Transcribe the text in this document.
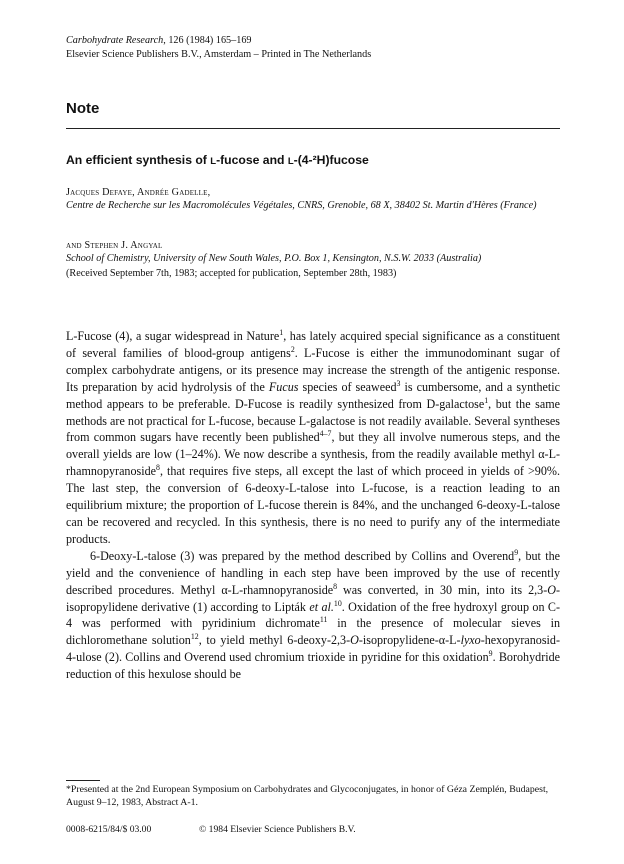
Carbohydrate Research, 126 (1984) 165–169
Elsevier Science Publishers B.V., Amsterdam – Printed in The Netherlands
Note
An efficient synthesis of L-fucose and L-(4-²H)fucose
Jacques Defaye, Andrée Gadelle,
Centre de Recherche sur les Macromolécules Végétales, CNRS, Grenoble, 68 X, 38402 St. Martin d'Hères (France)
and Stephen J. Angyal
School of Chemistry, University of New South Wales, P.O. Box 1, Kensington, N.S.W. 2033 (Australia)
(Received September 7th, 1983; accepted for publication, September 28th, 1983)

L-Fucose (4), a sugar widespread in Nature$^1$, has lately acquired special significance as a constituent of several families of blood-group antigens$^2$. L-Fucose is either the immunodominant sugar of complex carbohydrate antigens, or its presence may increase the strength of the antigenic response. Its preparation by acid hydrolysis of the Fucus species of seaweed$^3$ is cumbersome, and a synthetic method appears to be preferable. D-Fucose is readily synthesized from D-galactose$^1$, but the same methods are not practical for L-fucose, because L-galactose is not readily available. Several syntheses from common sugars have recently been published$^{4-7}$, but they all involve numerous steps, and the overall yields are low (1–24%). We now describe a synthesis, from the readily available methyl α-L-rhamnopyranoside$^8$, that requires five steps, all except the last of which proceed in yields of >90%. The last step, the conversion of 6-deoxy-L-talose into L-fucose, is a reaction leading to an equilibrium mixture; the proportion of L-fucose therein is 84%, and the unchanged 6-deoxy-L-talose can be recovered and recycled. In this synthesis, there is no need to purify any of the intermediate products.

6-Deoxy-L-talose (3) was prepared by the method described by Collins and Overend$^9$, but the yield and the convenience of handling in each step have been improved by the use of recently described procedures. Methyl α-L-rhamnopyranoside$^8$ was converted, in 30 min, into its 2,3-O-isopropylidene derivative (1) according to Lipták et al.$^{10}$. Oxidation of the free hydroxyl group on C-4 was performed with pyridinium dichromate$^{11}$ in the presence of molecular sieves in dichloromethane solution$^{12}$, to yield methyl 6-deoxy-2,3-O-isopropylidene-α-L-lyxo-hexopyranosid-4-ulose (2). Collins and Overend used chromium trioxide in pyridine for this oxidation$^9$. Borohydride reduction of this hexulose should be

*Presented at the 2nd European Symposium on Carbohydrates and Glycoconjugates, in honor of Géza Zemplén, Budapest, August 9–12, 1983, Abstract A-1.
0008-6215/84/$ 03.00	© 1984 Elsevier Science Publishers B.V.
